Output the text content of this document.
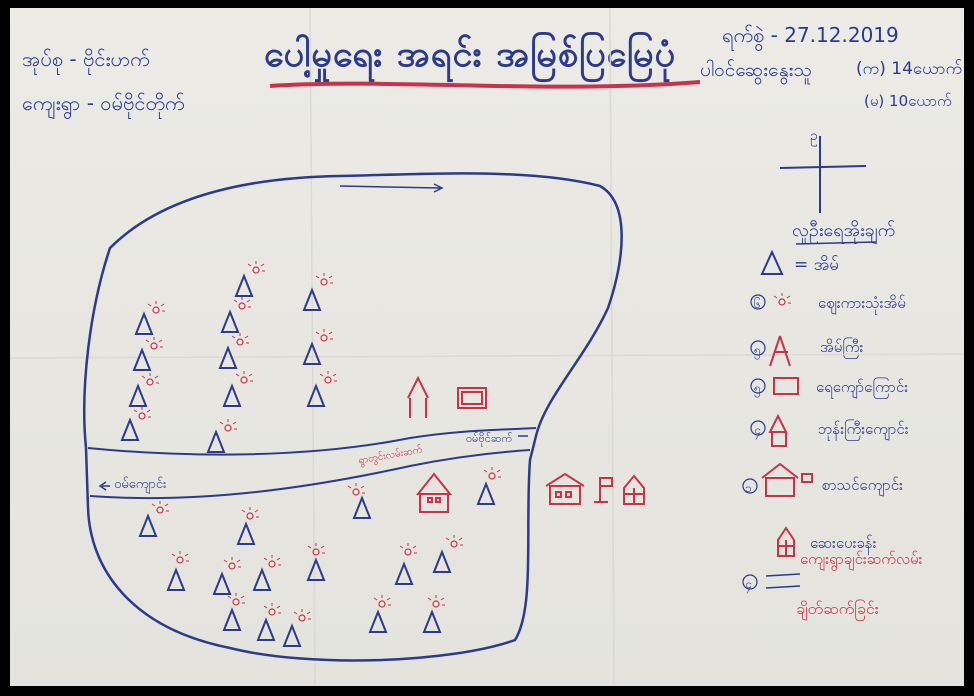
အုပ်စု - ဗိုင်းဟက်
ကျေးရွာ - ဝမ်ဗိုင်တိုက်
ပေါ့မှုရေး အရင်း အမြစ်ပြမြေပုံ ရက်စွဲ - 27.12.2019
ပါဝင်ဆွေးနွေးသူ	(က) 14ယောက်
(မ) 10ယောက်
ဥ
လူဦးရေအိုးချက်
= အိမ်
၆	ဈေးကားသုံးအိမ်
၅	အိမ်ကြီး
၅	ရေကျော်ကြောင်း
၄	ဘုန်းကြီးကျောင်း
၁	စာသင်ကျောင်း
ဆေးပေးခန်း
၄
ကျေးရွာချင်းဆက်လမ်း
ချိတ်ဆက်ခြင်း
ဝမ်ကျောင်း
ရွာတွင်းလမ်းဆက်
ဝမ်ဗိုင်ဆက်
